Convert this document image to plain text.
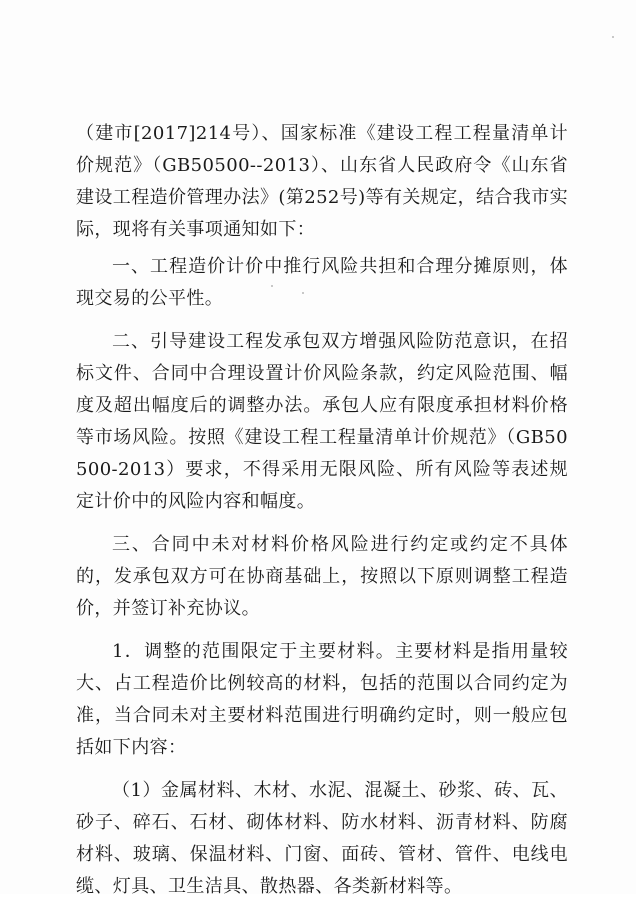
（建市[2017]214号）、国家标准《建设工程工程量清单计价规范》（GB50500--2013）、山东省人民政府令《山东省建设工程造价管理办法》(第252号)等有关规定，结合我市实际，现将有关事项通知如下：

一、工程造价计价中推行风险共担和合理分摊原则，体现交易的公平性。

二、引导建设工程发承包双方增强风险防范意识，在招标文件、合同中合理设置计价风险条款，约定风险范围、幅度及超出幅度后的调整办法。承包人应有限度承担材料价格等市场风险。按照《建设工程工程量清单计价规范》（GB50500-2013）要求，不得采用无限风险、所有风险等表述规定计价中的风险内容和幅度。

三、合同中未对材料价格风险进行约定或约定不具体的，发承包双方可在协商基础上，按照以下原则调整工程造价，并签订补充协议。

1．调整的范围限定于主要材料。主要材料是指用量较大、占工程造价比例较高的材料，包括的范围以合同约定为准，当合同未对主要材料范围进行明确约定时，则一般应包括如下内容：

（1）金属材料、木材、水泥、混凝土、砂浆、砖、瓦、砂子、碎石、石材、砌体材料、防水材料、沥青材料、防腐材料、玻璃、保温材料、门窗、面砖、管材、管件、电线电缆、灯具、卫生洁具、散热器、各类新材料等。
